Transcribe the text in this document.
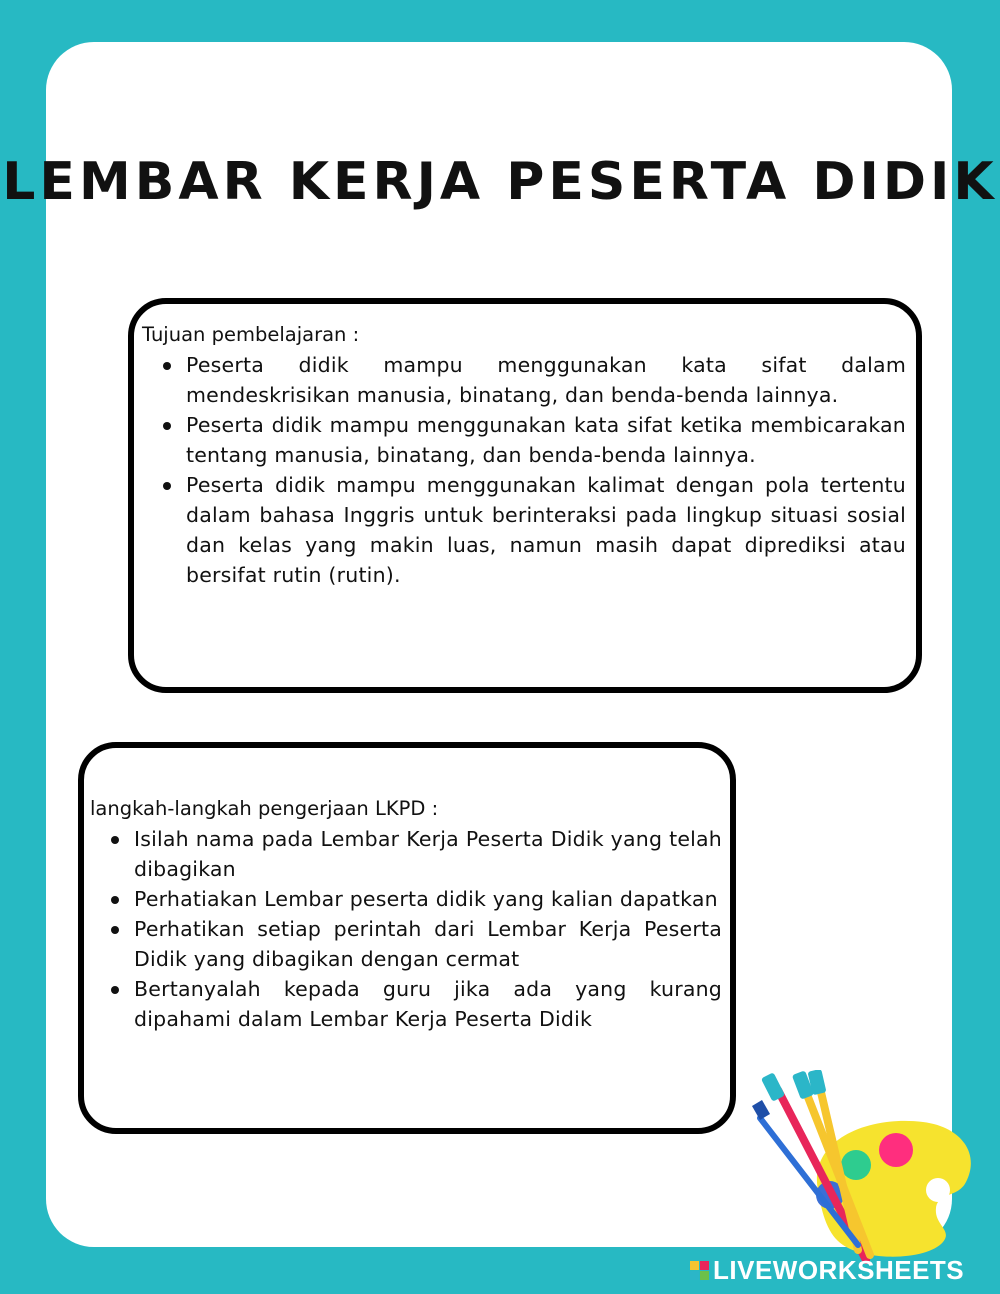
LEMBAR KERJA PESERTA DIDIK

Tujuan pembelajaran :

Peserta didik mampu menggunakan kata sifat dalam mendeskrisikan manusia, binatang, dan benda-benda lainnya.
Peserta didik mampu menggunakan kata sifat ketika membicarakan tentang manusia, binatang, dan benda-benda lainnya.
Peserta didik mampu menggunakan kalimat dengan pola tertentu dalam bahasa Inggris untuk berinteraksi pada lingkup situasi sosial dan kelas yang makin luas, namun masih dapat diprediksi atau bersifat rutin (rutin).

langkah-langkah pengerjaan LKPD :

Isilah nama pada Lembar Kerja Peserta Didik yang telah dibagikan
Perhatiakan Lembar peserta didik yang kalian dapatkan
Perhatikan setiap perintah dari Lembar Kerja Peserta Didik yang dibagikan dengan cermat
Bertanyalah kepada guru jika ada yang kurang dipahami dalam Lembar Kerja Peserta Didik
LIVEWORKSHEETS
